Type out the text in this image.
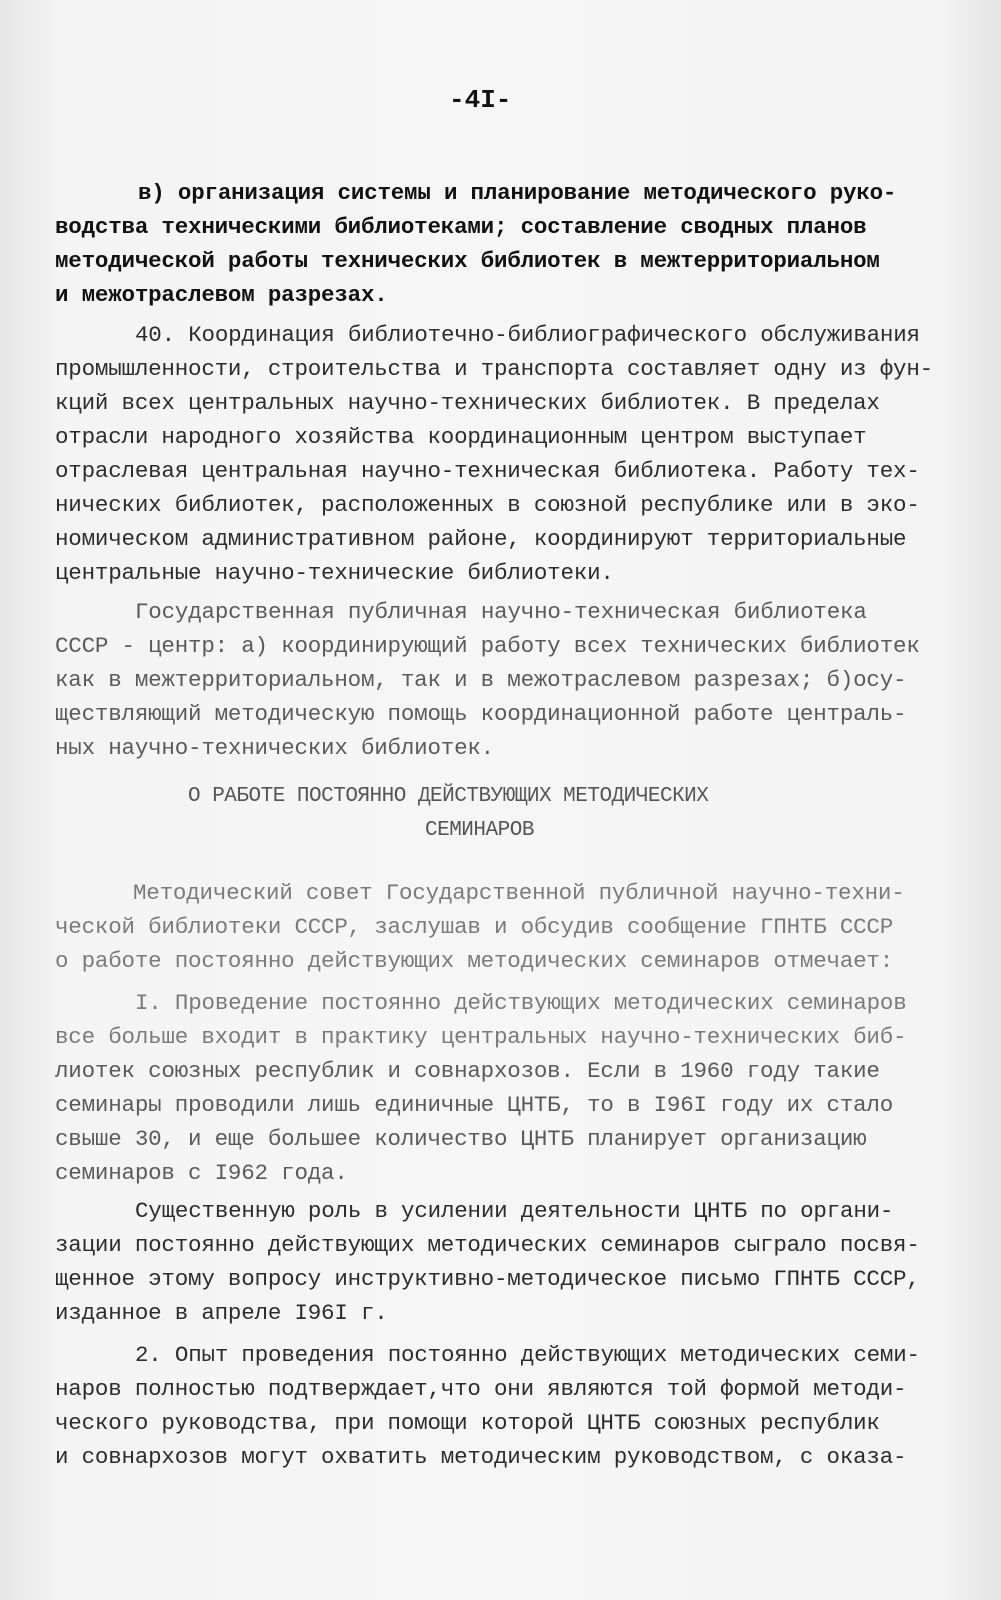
-4I-

в) организация системы и планирование методического руко-

водства техническими библиотеками; составление сводных планов

методической работы технических библиотек в межтерриториальном

и межотраслевом разрезах.

40. Координация библиотечно-библиографического обслуживания

промышленности, строительства и транспорта составляет одну из фун-

кций всех центральных научно-технических библиотек. В пределах

отрасли народного хозяйства координационным центром выступает

отраслевая центральная научно-техническая библиотека. Работу тех-

нических библиотек, расположенных в союзной республике или в эко-

номическом административном районе, координируют территориальные

центральные научно-технические библиотеки.

Государственная публичная научно-техническая библиотека

СССР - центр: а) координирующий работу всех технических библиотек

как в межтерриториальном, так и в межотраслевом разрезах; б)осу-

ществляющий методическую помощь координационной работе централь-

ных научно-технических библиотек.

О РАБОТЕ ПОСТОЯННО ДЕЙСТВУЮЩИХ МЕТОДИЧЕСКИХ

СЕМИНАРОВ

Методический совет Государственной публичной научно-техни-

ческой библиотеки СССР, заслушав и обсудив сообщение ГПНТБ СССР

о работе постоянно действующих методических семинаров отмечает:

I. Проведение постоянно действующих методических семинаров

все больше входит в практику центральных научно-технических биб-

лиотек союзных республик и совнархозов. Если в 1960 году такие

семинары проводили лишь единичные ЦНТБ, то в I96I году их стало

свыше 30, и еще большее количество ЦНТБ планирует организацию

семинаров с I962 года.

Существенную роль в усилении деятельности ЦНТБ по органи-

зации постоянно действующих методических семинаров сыграло посвя-

щенное этому вопросу инструктивно-методическое письмо ГПНТБ СССР,

изданное в апреле I96I г.

2. Опыт проведения постоянно действующих методических семи-

наров полностью подтверждает,что они являются той формой методи-

ческого руководства, при помощи которой ЦНТБ союзных республик

и совнархозов могут охватить методическим руководством, с оказа-
